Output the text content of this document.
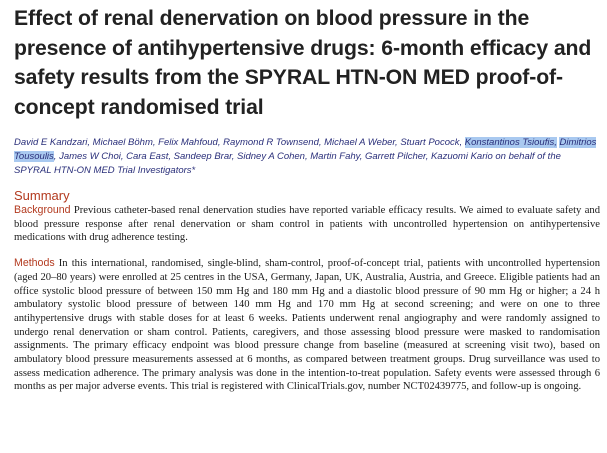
Effect of renal denervation on blood pressure in the presence of antihypertensive drugs: 6-month efficacy and safety results from the SPYRAL HTN-ON MED proof-of-concept randomised trial
David E Kandzari, Michael Böhm, Felix Mahfoud, Raymond R Townsend, Michael A Weber, Stuart Pocock, Konstantinos Tsioufis, Dimitrios Tousoulis, James W Choi, Cara East, Sandeep Brar, Sidney A Cohen, Martin Fahy, Garrett Pilcher, Kazuomi Kario on behalf of the SPYRAL HTN-ON MED Trial Investigators*
Summary

Background Previous catheter-based renal denervation studies have reported variable efficacy results. We aimed to evaluate safety and blood pressure response after renal denervation or sham control in patients with uncontrolled hypertension on antihypertensive medications with drug adherence testing.

Methods In this international, randomised, single-blind, sham-control, proof-of-concept trial, patients with uncontrolled hypertension (aged 20–80 years) were enrolled at 25 centres in the USA, Germany, Japan, UK, Australia, Austria, and Greece. Eligible patients had an office systolic blood pressure of between 150 mm Hg and 180 mm Hg and a diastolic blood pressure of 90 mm Hg or higher; a 24 h ambulatory systolic blood pressure of between 140 mm Hg and 170 mm Hg at second screening; and were on one to three antihypertensive drugs with stable doses for at least 6 weeks. Patients underwent renal angiography and were randomly assigned to undergo renal denervation or sham control. Patients, caregivers, and those assessing blood pressure were masked to randomisation assignments. The primary efficacy endpoint was blood pressure change from baseline (measured at screening visit two), based on ambulatory blood pressure measurements assessed at 6 months, as compared between treatment groups. Drug surveillance was used to assess medication adherence. The primary analysis was done in the intention-to-treat population. Safety events were assessed through 6 months as per major adverse events. This trial is registered with ClinicalTrials.gov, number NCT02439775, and follow-up is ongoing.
